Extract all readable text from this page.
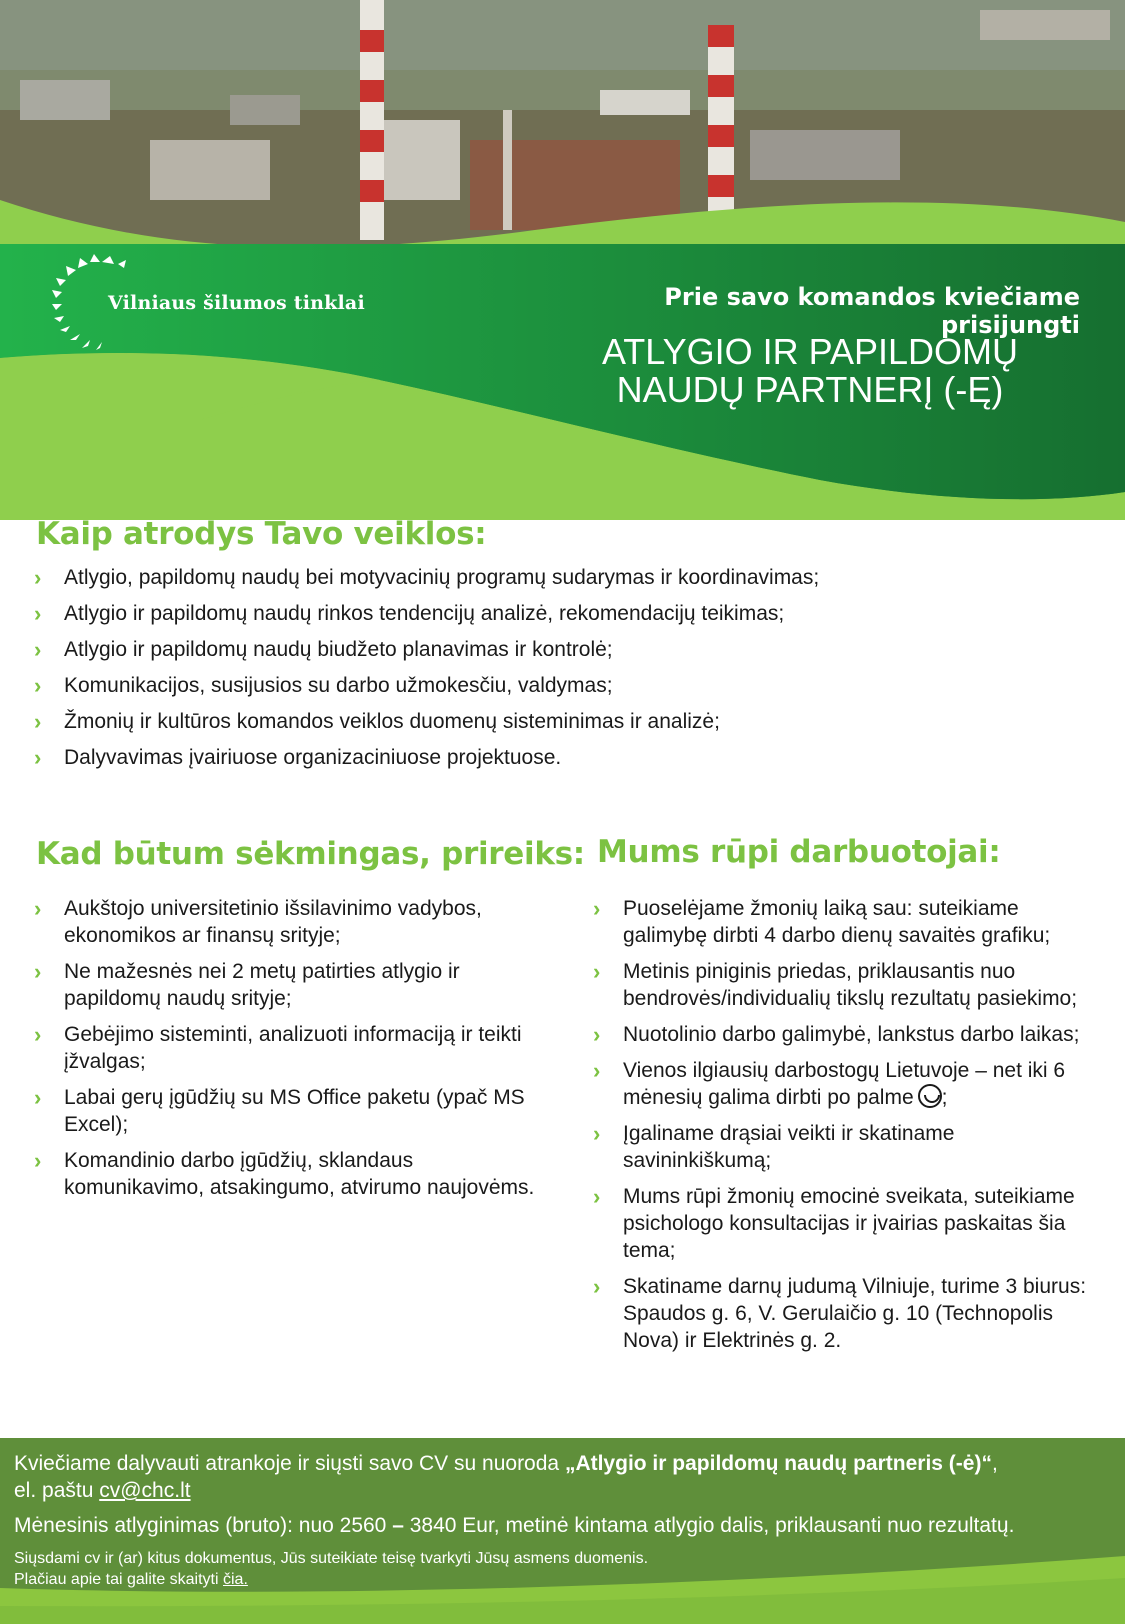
Vilniaus šilumos tinklai	Prie savo komandos kviečiame prisijungti
ATLYGIO IR PAPILDOMŲ
NAUDŲ PARTNERĮ (-Ę)
Kaip atrodys Tavo veiklos:
› Atlygio, papildomų naudų bei motyvacinių programų sudarymas ir koordinavimas;
› Atlygio ir papildomų naudų rinkos tendencijų analizė, rekomendacijų teikimas;
› Atlygio ir papildomų naudų biudžeto planavimas ir kontrolė;
› Komunikacijos, susijusios su darbo užmokesčiu, valdymas;
› Žmonių ir kultūros komandos veiklos duomenų sisteminimas ir analizė;
› Dalyvavimas įvairiuose organizaciniuose projektuose.
Kad būtum sėkmingas, prireiks:
› Aukštojo universitetinio išsilavinimo vadybos, ekonomikos ar finansų srityje;
› Ne mažesnės nei 2 metų patirties atlygio ir papildomų naudų srityje;
› Gebėjimo sisteminti, analizuoti informaciją ir teikti įžvalgas;
› Labai gerų įgūdžių su MS Office paketu (ypač MS Excel);
› Komandinio darbo įgūdžių, sklandaus komunikavimo, atsakingumo, atvirumo naujovėms.
Mums rūpi darbuotojai:
› Puoselėjame žmonių laiką sau: suteikiame galimybę dirbti 4 darbo dienų savaitės grafiku;
› Metinis piniginis priedas, priklausantis nuo bendrovės/individualių tikslų rezultatų pasiekimo;
› Nuotolinio darbo galimybė, lankstus darbo laikas;
› Vienos ilgiausių darbostogų Lietuvoje – net iki 6 mėnesių galima dirbti po palme ;
› Įgaliname drąsiai veikti ir skatiname savininkiškumą;
› Mums rūpi žmonių emocinė sveikata, suteikiame psichologo konsultacijas ir įvairias paskaitas šia tema;
› Skatiname darnų judumą Vilniuje, turime 3 biurus: Spaudos g. 6, V. Gerulaičio g. 10 (Technopolis Nova) ir Elektrinės g. 2.
Kviečiame dalyvauti atrankoje ir siųsti savo CV su nuoroda „Atlygio ir papildomų naudų partneris (-ė)“,
el. paštu cv@chc.lt
Mėnesinis atlyginimas (bruto): nuo 2560 – 3840 Eur, metinė kintama atlygio dalis, priklausanti nuo rezultatų.
Siųsdami cv ir (ar) kitus dokumentus, Jūs suteikiate teisę tvarkyti Jūsų asmens duomenis.
Plačiau apie tai galite skaityti čia.
